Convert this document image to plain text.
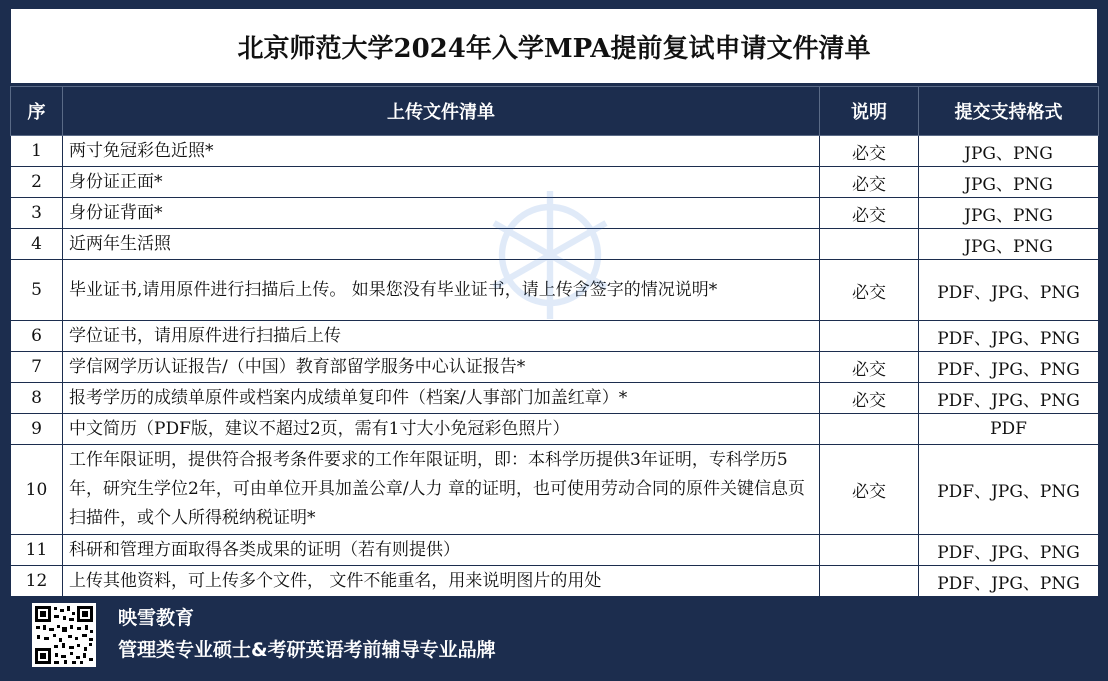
北京师范大学2024年入学MPA提前复试申请文件清单
序	上传文件清单	说明	提交支持格式
1	两寸免冠彩色近照*	必交	JPG、PNG
2	身份证正面*	必交	JPG、PNG
3	身份证背面*	必交	JPG、PNG
4	近两年生活照		JPG、PNG
5	毕业证书,请用原件进行扫描后上传。 如果您没有毕业证书，请上传含签字的情况说明*	必交	PDF、JPG、PNG
6	学位证书，请用原件进行扫描后上传		PDF、JPG、PNG
7	学信网学历认证报告/（中国）教育部留学服务中心认证报告*	必交	PDF、JPG、PNG
8	报考学历的成绩单原件或档案内成绩单复印件（档案/人事部门加盖红章）*	必交	PDF、JPG、PNG
9	中文简历（PDF版，建议不超过2页，需有1寸大小免冠彩色照片）		PDF
10	工作年限证明，提供符合报考条件要求的工作年限证明，即：本科学历提供3年证明，专科学历5年，研究生学位2年，可由单位开具加盖公章/人力 章的证明，也可使用劳动合同的原件关键信息页扫描件，或个人所得税纳税证明*	必交	PDF、JPG、PNG
11	科研和管理方面取得各类成果的证明（若有则提供）		PDF、JPG、PNG
12	上传其他资料，可上传多个文件， 文件不能重名，用来说明图片的用处		PDF、JPG、PNG
映雪教育
管理类专业硕士&考研英语考前辅导专业品牌
